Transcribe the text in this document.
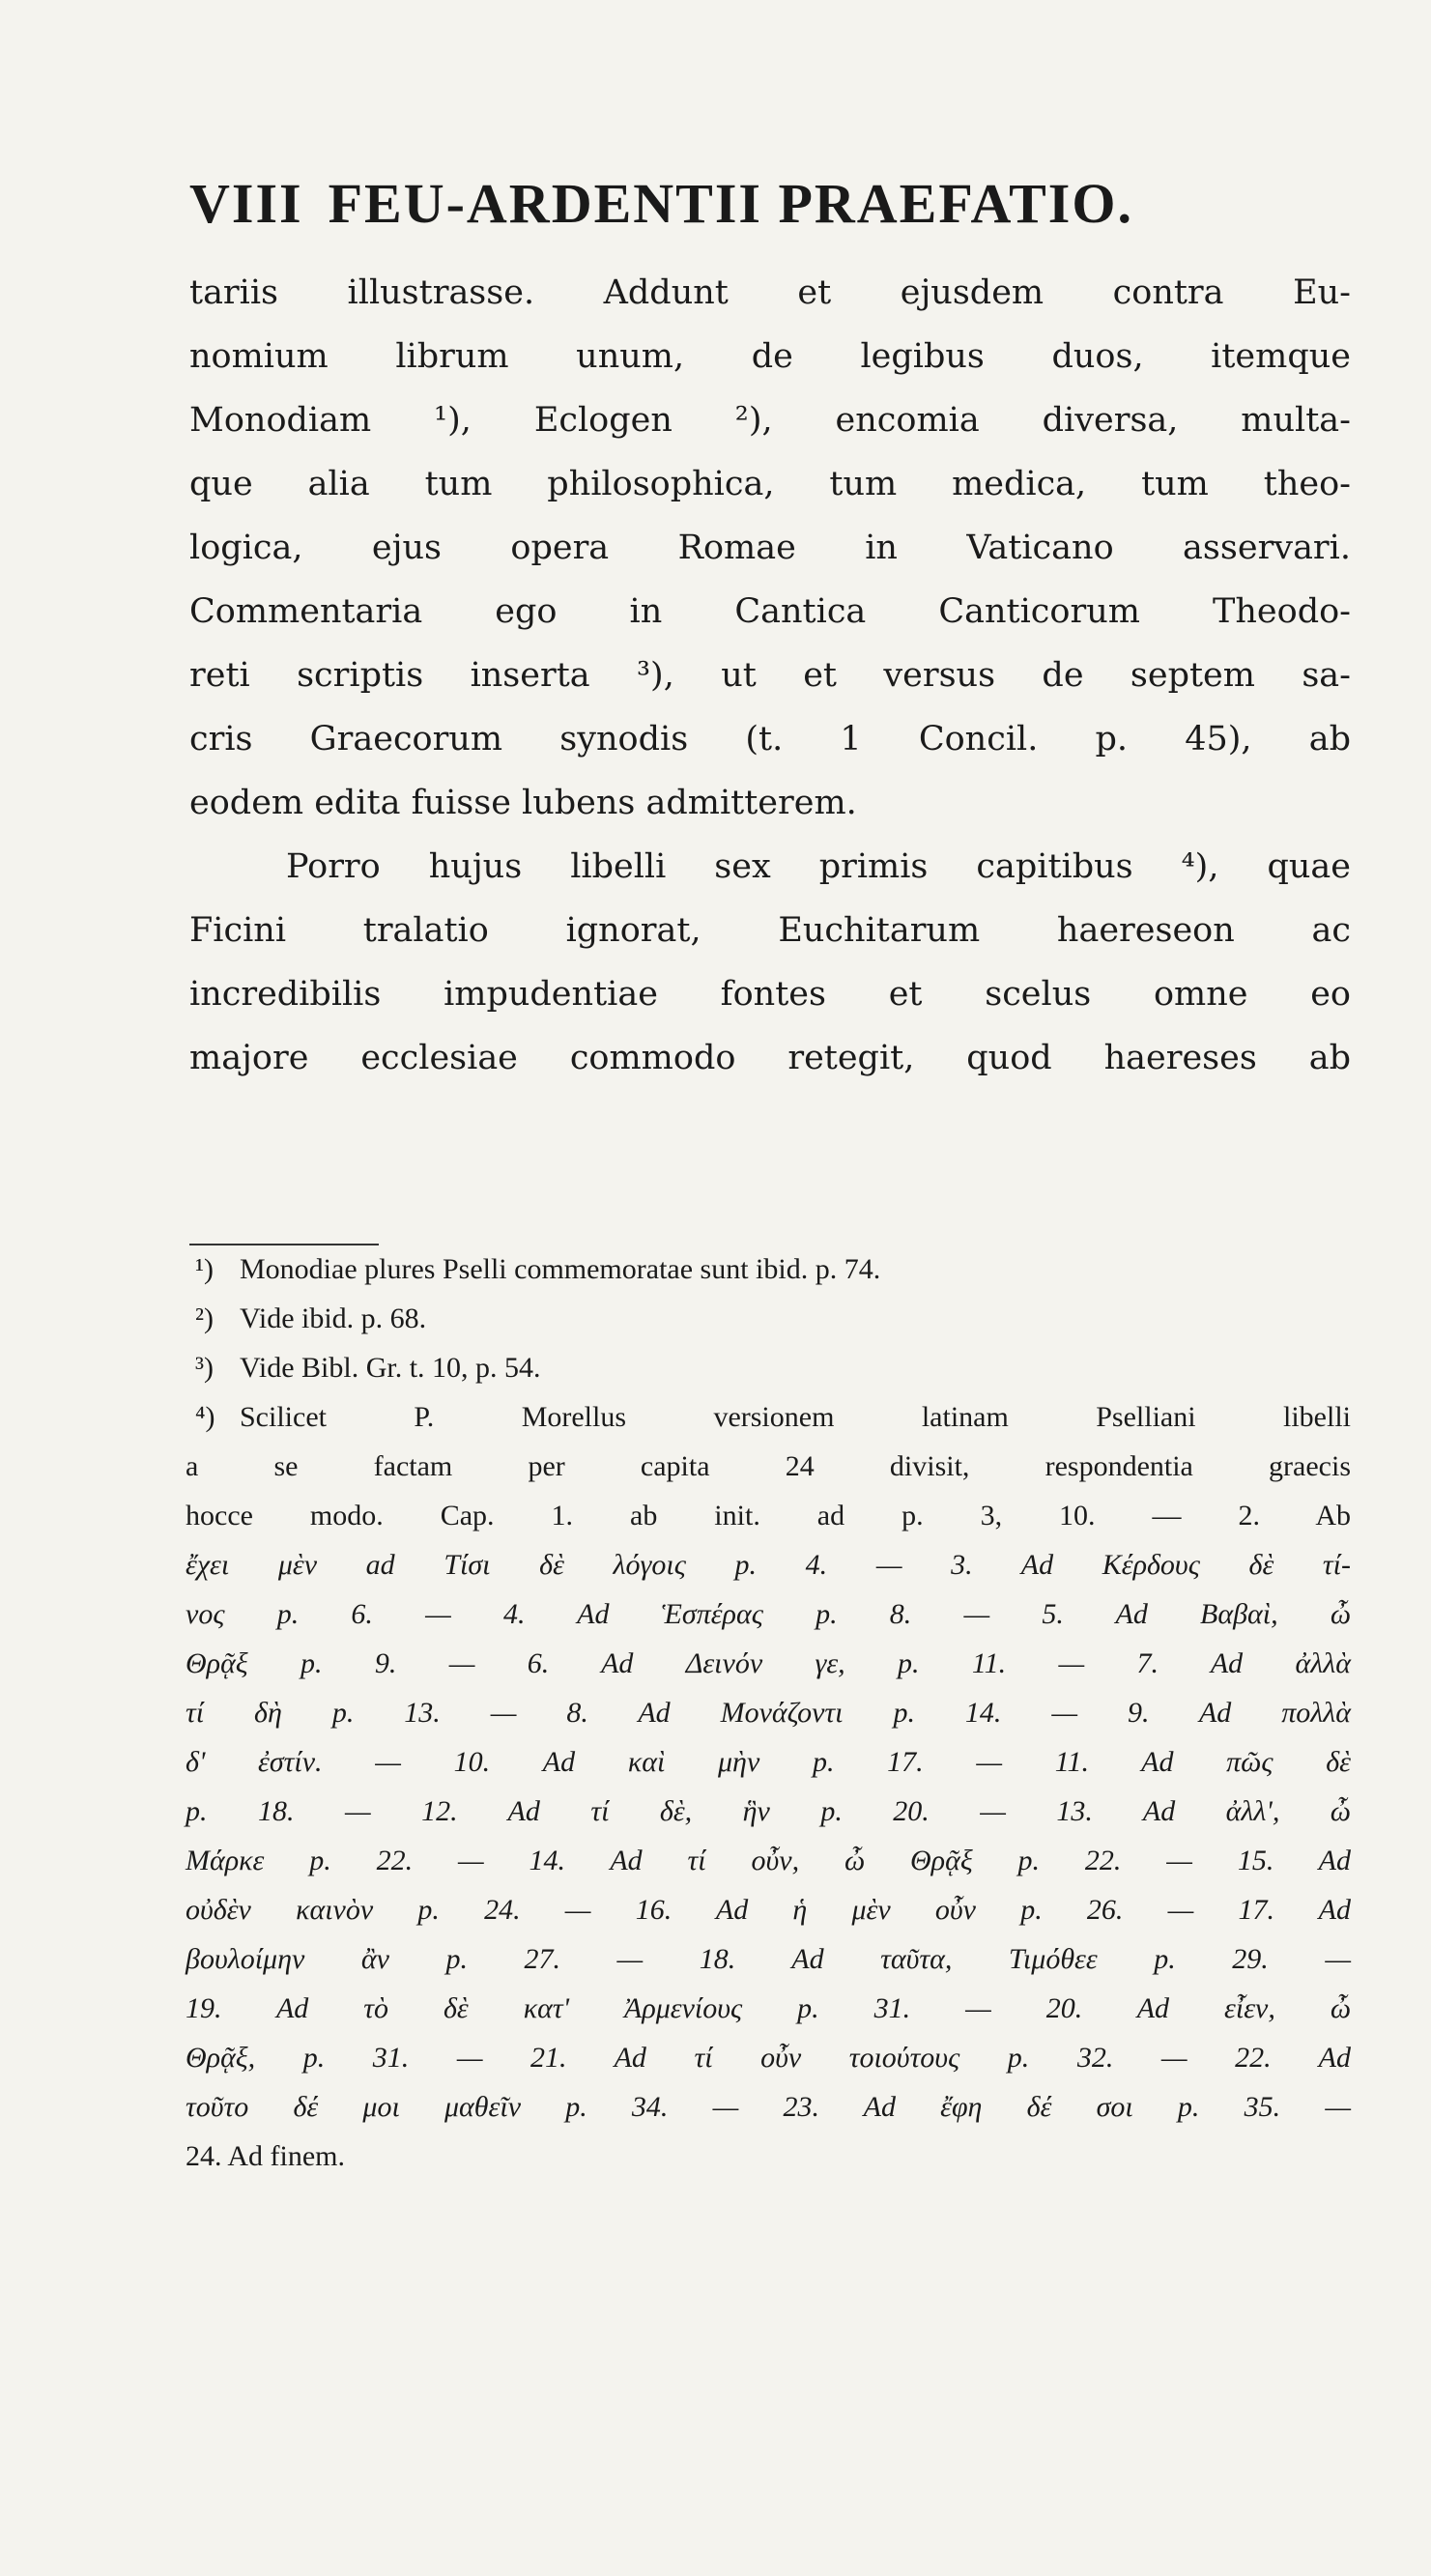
VIII FEU-ARDENTII PRAEFATIO.
tariis illustrasse. Addunt et ejusdem contra Eu-
nomium librum unum, de legibus duos, itemque
Monodiam ¹), Eclogen ²), encomia diversa, multa-
que alia tum philosophica, tum medica, tum theo-
logica, ejus opera Romae in Vaticano asservari.
Commentaria ego in Cantica Canticorum Theodo-
reti scriptis inserta ³), ut et versus de septem sa-
cris Graecorum synodis (t. 1 Concil. p. 45), ab
eodem edita fuisse lubens admitterem.
Porro hujus libelli sex primis capitibus ⁴), quae
Ficini tralatio ignorat, Euchitarum haereseon ac
incredibilis impudentiae fontes et scelus omne eo
majore ecclesiae commodo retegit, quod haereses ab
¹) Monodiae plures Pselli commemoratae sunt ibid. p. 74.
²) Vide ibid. p. 68.
³) Vide Bibl. Gr. t. 10, p. 54.
⁴) Scilicet P. Morellus versionem latinam Pselliani libelli
a se factam per capita 24 divisit, respondentia graecis
hocce modo. Cap. 1. ab init. ad p. 3, 10. — 2. Ab
ἔχει μὲν ad Τίσι δὲ λόγοις p. 4. — 3. Ad Κέρδους δὲ τί-
νος p. 6. — 4. Ad Ἑσπέρας p. 8. — 5. Ad Βαβαὶ, ὦ
Θρᾷξ p. 9. — 6. Ad Δεινόν γε, p. 11. — 7. Ad ἀλλὰ
τί δὴ p. 13. — 8. Ad Μονάζοντι p. 14. — 9. Ad πολλὰ
δ' ἐστίν. — 10. Ad καὶ μὴν p. 17. — 11. Ad πῶς δὲ
p. 18. — 12. Ad τί δὲ, ἣν p. 20. — 13. Ad ἀλλ', ὦ
Μάρκε p. 22. — 14. Ad τί οὖν, ὦ Θρᾷξ p. 22. — 15. Ad
οὐδὲν καινὸν p. 24. — 16. Ad ἡ μὲν οὖν p. 26. — 17. Ad
βουλοίμην ἂν p. 27. — 18. Ad ταῦτα, Τιμόθεε p. 29. —
19. Ad τὸ δὲ κατ' Ἀρμενίους p. 31. — 20. Ad εἶεν, ὦ
Θρᾷξ, p. 31. — 21. Ad τί οὖν τοιούτους p. 32. — 22. Ad
τοῦτο δέ μοι μαθεῖν p. 34. — 23. Ad ἔφη δέ σοι p. 35. —
24. Ad finem.
